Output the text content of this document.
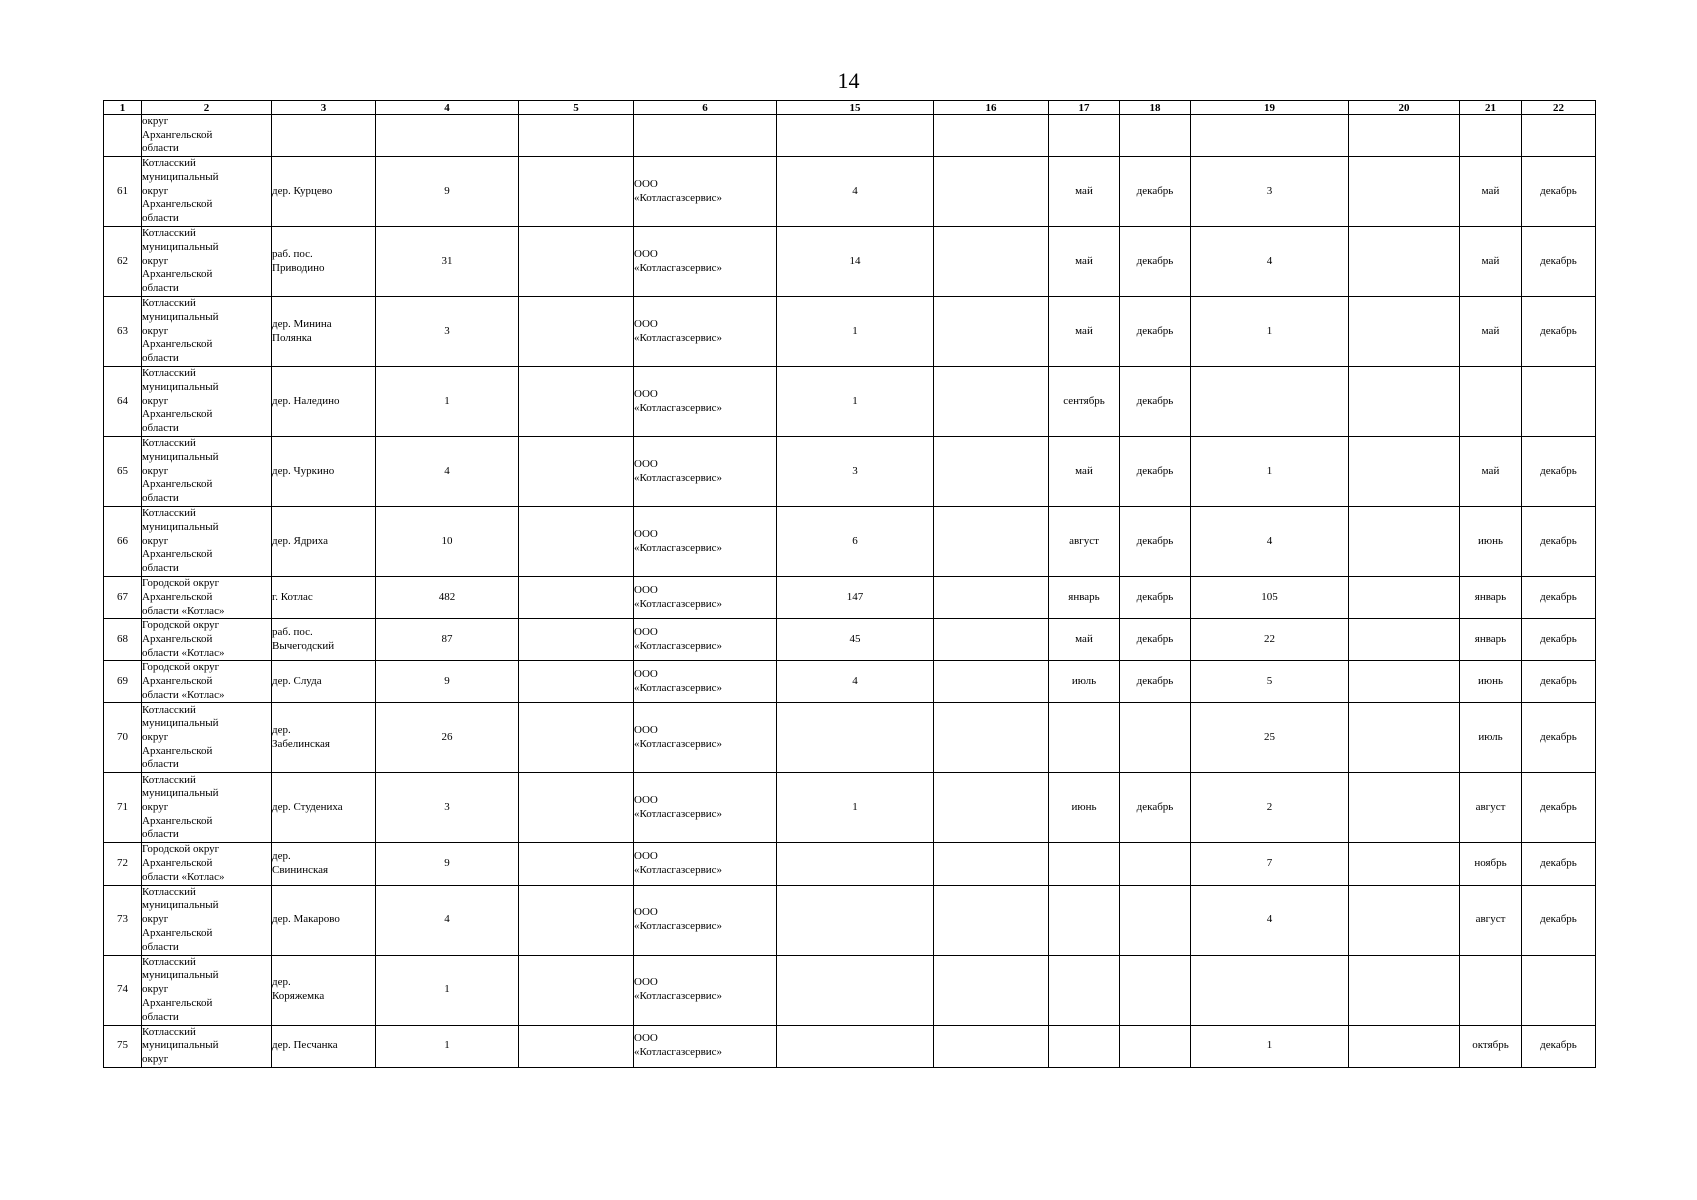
14
1	2	3	4	5	6	15	16	17	18	19	20	21	22

	округ
Архангельской
области												

61	Котласский
муниципальный
округ
Архангельской
области	дер. Курцево	9		ООО
«Котласгазсервис»	4		май	декабрь	3		май	декабрь
62	Котласский
муниципальный
округ
Архангельской
области	раб. пос.
Приводино	31		ООО
«Котласгазсервис»	14		май	декабрь	4		май	декабрь
63	Котласский
муниципальный
округ
Архангельской
области	дер. Минина
Полянка	3		ООО
«Котласгазсервис»	1		май	декабрь	1		май	декабрь
64	Котласский
муниципальный
округ
Архангельской
области	дер. Наледино	1		ООО
«Котласгазсервис»	1		сентябрь	декабрь			

65	Котласский
муниципальный
округ
Архангельской
области	дер. Чуркино	4		ООО
«Котласгазсервис»	3		май	декабрь	1		май	декабрь
66	Котласский
муниципальный
округ
Архангельской
области	дер. Ядриха	10		ООО
«Котласгазсервис»	6		август	декабрь	4		июнь	декабрь
67	Городской округ
Архангельской
области «Котлас»	г. Котлас	482		ООО
«Котласгазсервис»	147		январь	декабрь	105		январь	декабрь
68	Городской округ
Архангельской
области «Котлас»	раб. пос.
Вычегодский	87		ООО
«Котласгазсервис»	45		май	декабрь	22		январь	декабрь
69	Городской округ
Архангельской
области «Котлас»	дер. Слуда	9		ООО
«Котласгазсервис»	4		июль	декабрь	5		июнь	декабрь
70	Котласский
муниципальный
округ
Архангельской
области	дер.
Забелинская	26		ООО
«Котласгазсервис»					25		июль	декабрь
71	Котласский
муниципальный
округ
Архангельской
области	дер. Студениха	3		ООО
«Котласгазсервис»	1		июнь	декабрь	2		август	декабрь
72	Городской округ
Архангельской
области «Котлас»	дер.
Свининская	9		ООО
«Котласгазсервис»					7		ноябрь	декабрь
73	Котласский
муниципальный
округ
Архангельской
области	дер. Макарово	4		ООО
«Котласгазсервис»					4		август	декабрь
74	Котласский
муниципальный
округ
Архангельской
области	дер.
Коряжемка	1		ООО
«Котласгазсервис»								

75	Котласский
муниципальный
округ	дер. Песчанка	1		ООО
«Котласгазсервис»					1		октябрь	декабрь
